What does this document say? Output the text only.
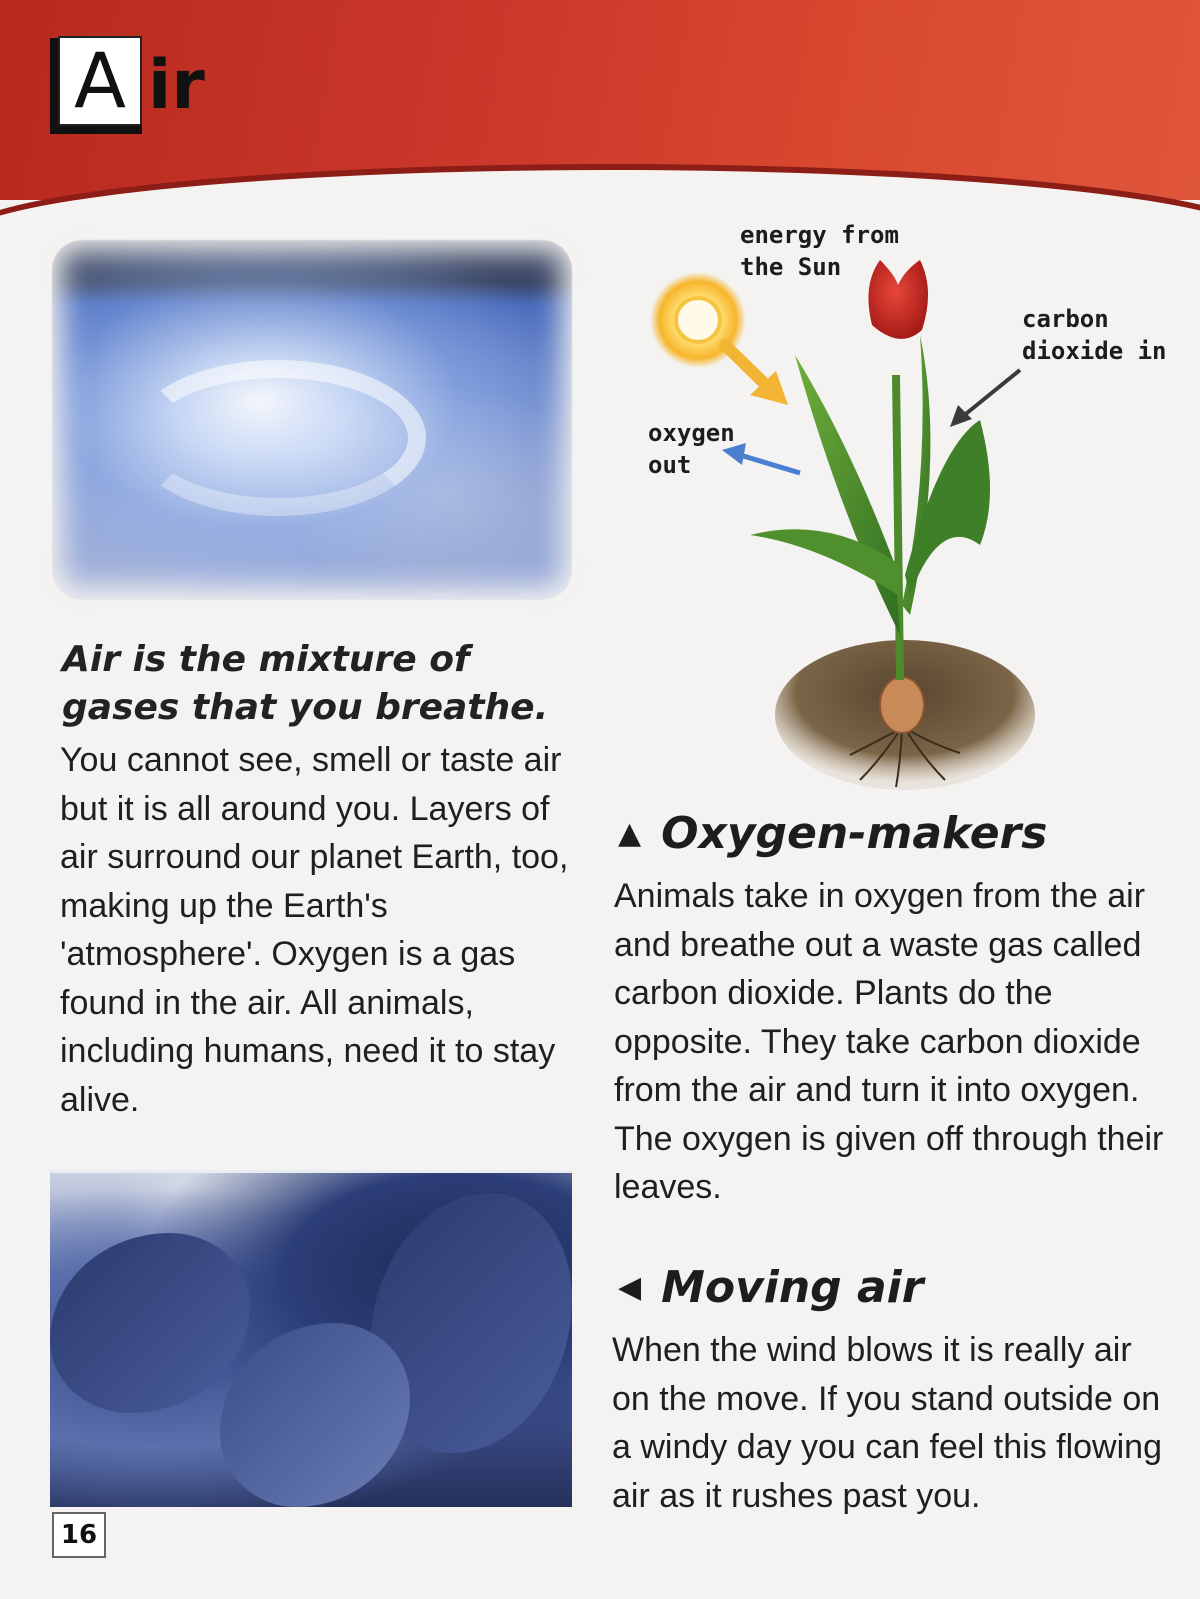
A ir
energy from
the Sun
carbon
dioxide in
oxygen
out
Air is the mixture of gases that you breathe.
You cannot see, smell or taste air but it is all around you. Layers of air surround our planet Earth, too, making up the Earth's 'atmosphere'. Oxygen is a gas found in the air. All animals, including humans, need it to stay alive.
▲ Oxygen-makers
Animals take in oxygen from the air and breathe out a waste gas called carbon dioxide. Plants do the opposite. They take carbon dioxide from the air and turn it into oxygen. The oxygen is given off through their leaves.
◀ Moving air
When the wind blows it is really air on the move. If you stand outside on a windy day you can feel this flowing air as it rushes past you.
16
